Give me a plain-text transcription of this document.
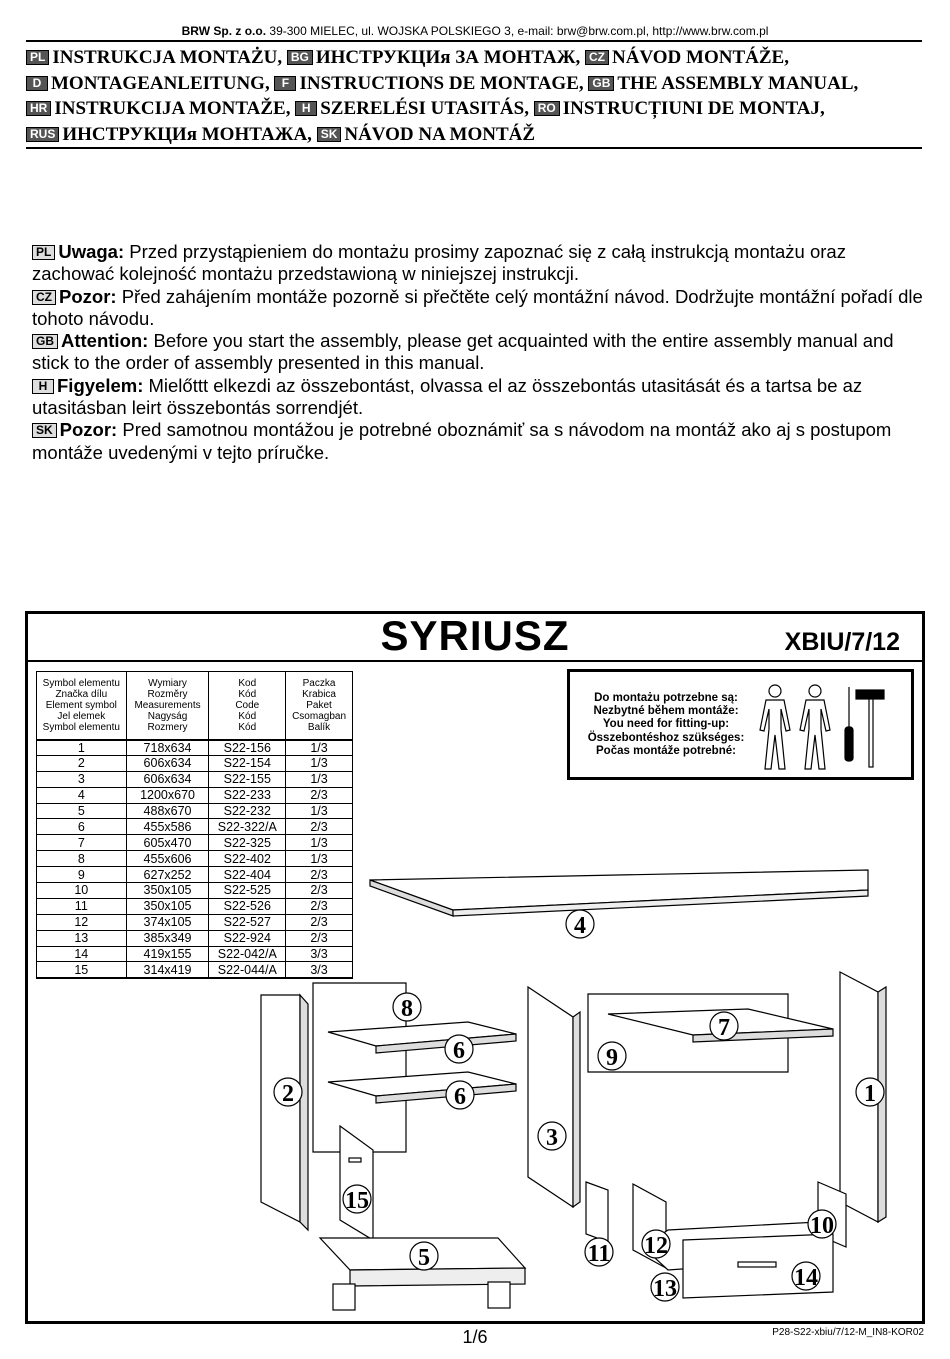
BRW Sp. z o.o. 39-300 MIELEC, ul. WOJSKA POLSKIEGO 3, e-mail: brw@brw.com.pl, http://www.brw.com.pl
PL INSTRUKCJA MONTAŻU, BG ИНСТРУКЦИя ЗА МОНТАЖ, CZ NÁVOD MONTÁŽE,
D MONTAGEANLEITUNG, F INSTRUCTIONS DE MONTAGE, GB THE ASSEMBLY MANUAL,
HR INSTRUKCIJA MONTAŽE, H SZERELÉSI UTASITÁS, RO INSTRUCȚIUNI DE MONTAJ,
RUS ИНСТРУКЦИя МОНТАЖА, SK NÁVOD NA MONTÁŽ

PL Uwaga: Przed przystąpieniem do montażu prosimy zapoznać się z całą instrukcją montażu oraz zachować kolejność montażu przedstawioną w niniejszej instrukcji.

CZ Pozor: Před zahájením montáže pozorně si přečtěte celý montážní návod. Dodržujte montážní pořadí dle tohoto návodu.

GB Attention: Before you start the assembly, please get acquainted with the entire assembly manual and stick to the order of assembly presented in this manual.

H Figyelem: Mielőttt elkezdi az összebontást, olvassa el az összebontás utasitását és a tartsa be az utasitásban leirt összebontás sorrendjét.

SK Pozor: Pred samotnou montážou je potrebné oboznámiť sa s návodom na montáž ako aj s postupom montáže uvedenými v tejto príručke.

SYRIUSZ	XBIU/7/12
Symbol elementu
Značka dílu
Element symbol
Jel elemek
Symbol elementu	Wymiary
Rozměry
Measurements
Nagyság
Rozmery	Kod
Kód
Code
Kód
Kód	Paczka
Krabica
Paket
Csomagban
Balík

1	718x634	S22-156	1/3
2	606x634	S22-154	1/3
3	606x634	S22-155	1/3
4	1200x670	S22-233	2/3
5	488x670	S22-232	1/3
6	455x586	S22-322/A	2/3
7	605x470	S22-325	1/3
8	455x606	S22-402	1/3
9	627x252	S22-404	2/3
10	350x105	S22-525	2/3
11	350x105	S22-526	2/3
12	374x105	S22-527	2/3
13	385x349	S22-924	2/3
14	419x155	S22-042/A	3/3
15	314x419	S22-044/A	3/3
Do montażu potrzebne są:
Nezbytné během montáže:
You need for fitting-up:
Összebontéshoz szükséges:
Počas montáže potrebné:
4
8
7
6	9
2	6	1
3
15
10
12
11
5
14
13
1/6	P28-S22-xbiu/7/12-M_IN8-KOR02
